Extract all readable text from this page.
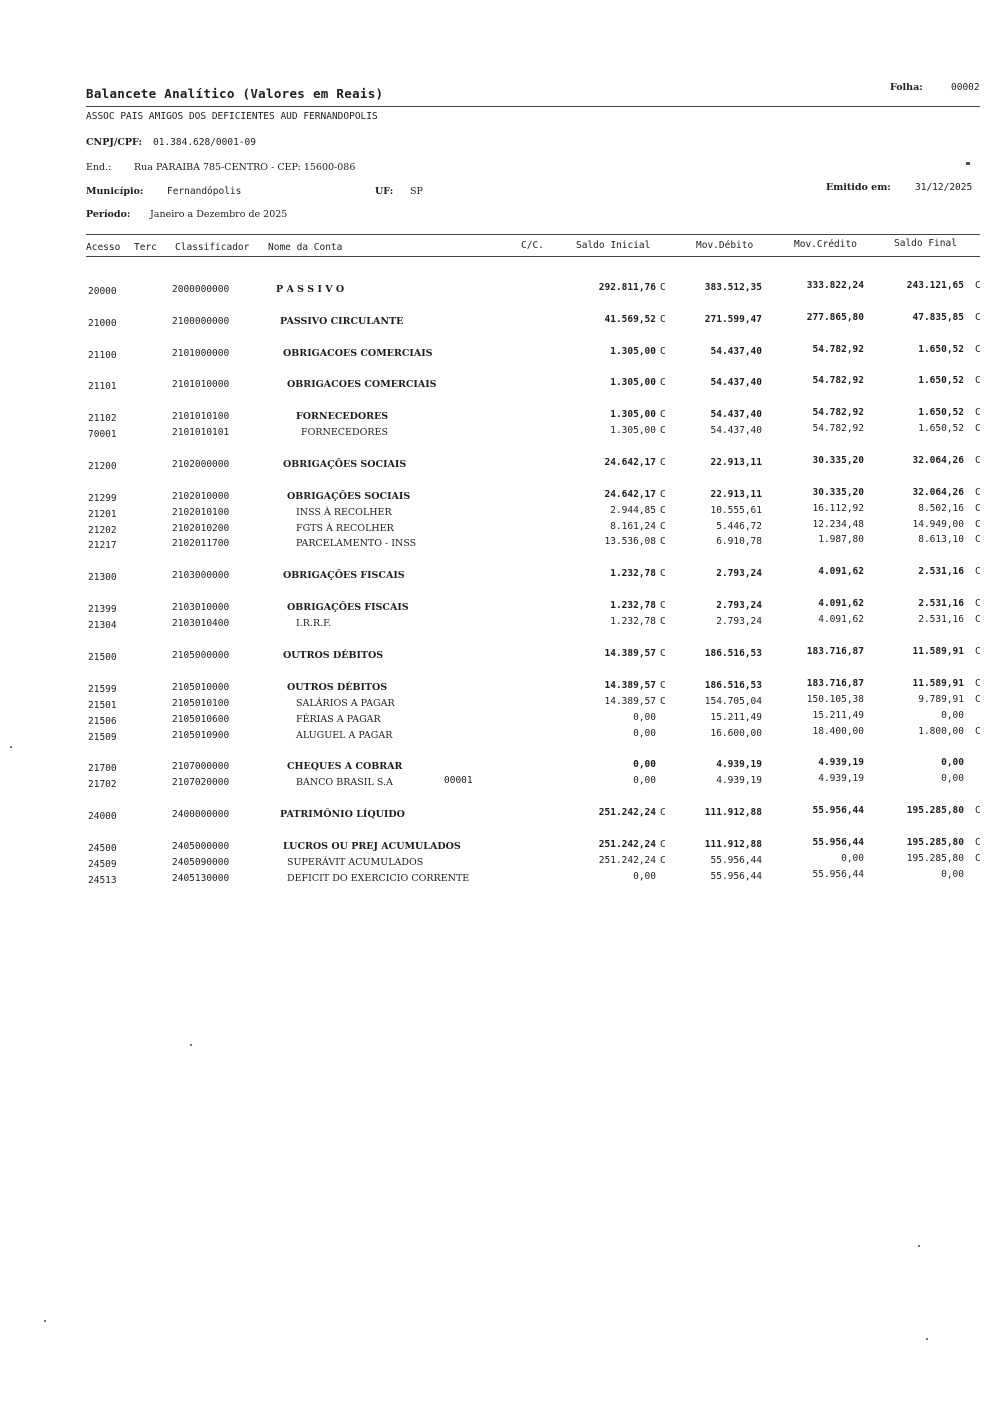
Balancete Analítico (Valores em Reais)	Folha:	00002
ASSOC PAIS AMIGOS DOS DEFICIENTES AUD FERNANDOPOLIS
CNPJ/CPF: 01.384.628/0001-09
End.: Rua PARAIBA 785-CENTRO - CEP: 15600-086
Município: Fernandópolis	UF: SP	Emitido em:	31/12/2025
Período: Janeiro a Dezembro de 2025
Acesso Terc Classificador Nome da Conta	C/C.	Saldo Inicial	Mov.Débito	Mov.Crédito	Saldo Final
20000	2000000000	P A S S I V O	292.811,76 C	383.512,35	333.822,24	243.121,65 C
21000	2100000000	PASSIVO CIRCULANTE	41.569,52 C	271.599,47	277.865,80	47.835,85 C
21100	2101000000	OBRIGACOES COMERCIAIS	1.305,00 C	54.437,40	54.782,92	1.650,52 C
21101	2101010000	OBRIGACOES COMERCIAIS	1.305,00 C	54.437,40	54.782,92	1.650,52 C
21102	2101010100	FORNECEDORES	1.305,00 C	54.437,40	54.782,92	1.650,52 C
70001	2101010101	FORNECEDORES	1.305,00 C	54.437,40	54.782,92	1.650,52 C
21200	2102000000	OBRIGAÇÕES SOCIAIS	24.642,17 C	22.913,11	30.335,20	32.064,26 C
21299	2102010000	OBRIGAÇÕES SOCIAIS	24.642,17 C	22.913,11	30.335,20	32.064,26 C
21201	2102010100	INSS À RECOLHER	2.944,85 C	10.555,61	16.112,92	8.502,16 C
21202	2102010200	FGTS À RECOLHER	8.161,24 C	5.446,72	12.234,48	14.949,00 C
21217	2102011700	PARCELAMENTO - INSS	13.536,08 C	6.910,78	1.987,80	8.613,10 C
21300	2103000000	OBRIGAÇÕES FISCAIS	1.232,78 C	2.793,24	4.091,62	2.531,16 C
21399	2103010000	OBRIGAÇÕES FISCAIS	1.232,78 C	2.793,24	4.091,62	2.531,16 C
21304	2103010400	I.R.R.F.	1.232,78 C	2.793,24	4.091,62	2.531,16 C
21500	2105000000	OUTROS DÉBITOS	14.389,57 C	186.516,53	183.716,87	11.589,91 C
21599	2105010000	OUTROS DÉBITOS	14.389,57 C	186.516,53	183.716,87	11.589,91 C
21501	2105010100	SALÁRIOS A PAGAR	14.389,57 C	154.705,04	150.105,38	9.789,91 C
21506	2105010600	FÉRIAS A PAGAR	0,00	15.211,49	15.211,49	0,00
21509	2105010900	ALUGUEL A PAGAR	0,00	16.600,00	18.400,00	1.800,00 C
21700	2107000000	CHEQUES A COBRAR	0,00	4.939,19	4.939,19	0,00
21702	2107020000	BANCO BRASIL S.A	00001	0,00	4.939,19	4.939,19	0,00
24000	2400000000	PATRIMÔNIO LÍQUIDO	251.242,24 C	111.912,88	55.956,44	195.285,80 C
24500	2405000000	LUCROS OU PREJ ACUMULADOS	251.242,24 C	111.912,88	55.956,44	195.285,80 C
24509	2405090000	SUPERÁVIT ACUMULADOS	251.242,24 C	55.956,44	0,00	195.285,80 C
24513	2405130000	DEFICIT DO EXERCICIO CORRENTE	0,00	55.956,44	55.956,44	0,00
